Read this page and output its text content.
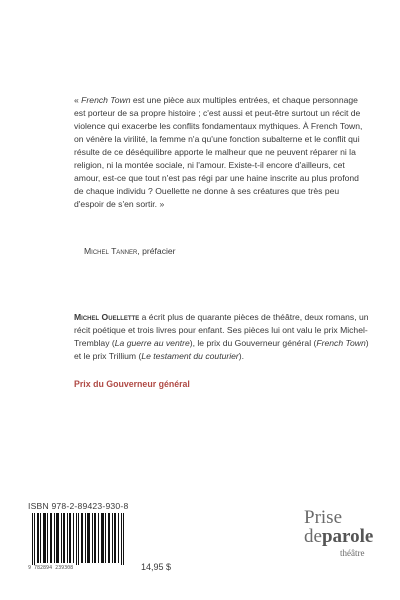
« French Town est une pièce aux multiples entrées, et chaque personnage est porteur de sa propre histoire ; c'est aussi et peut-être surtout un récit de violence qui exacerbe les conflits fondamentaux mythiques. À French Town, on vénère la virilité, la femme n'a qu'une fonction subalterne et le conflit qui résulte de ce déséquilibre apporte le malheur que ne peuvent réparer ni la religion, ni la montée sociale, ni l'amour. Existe-t-il encore d'ailleurs, cet amour, est-ce que tout n'est pas régi par une haine inscrite au plus profond de chaque individu ? Ouellette ne donne à ses créatures que très peu d'espoir de s'en sortir. »

Michel Tanner, préfacier
Michel Ouellette a écrit plus de quarante pièces de théâtre, deux romans, un récit poétique et trois livres pour enfant. Ses pièces lui ont valu le prix Michel-Tremblay (La guerre au ventre), le prix du Gouverneur général (French Town) et le prix Trillium (Le testament du couturier).
Prix du Gouverneur général
ISBN 978-2-89423-930-8
9 782894 239308	14,95 $
Prise
deparole
théâtre
